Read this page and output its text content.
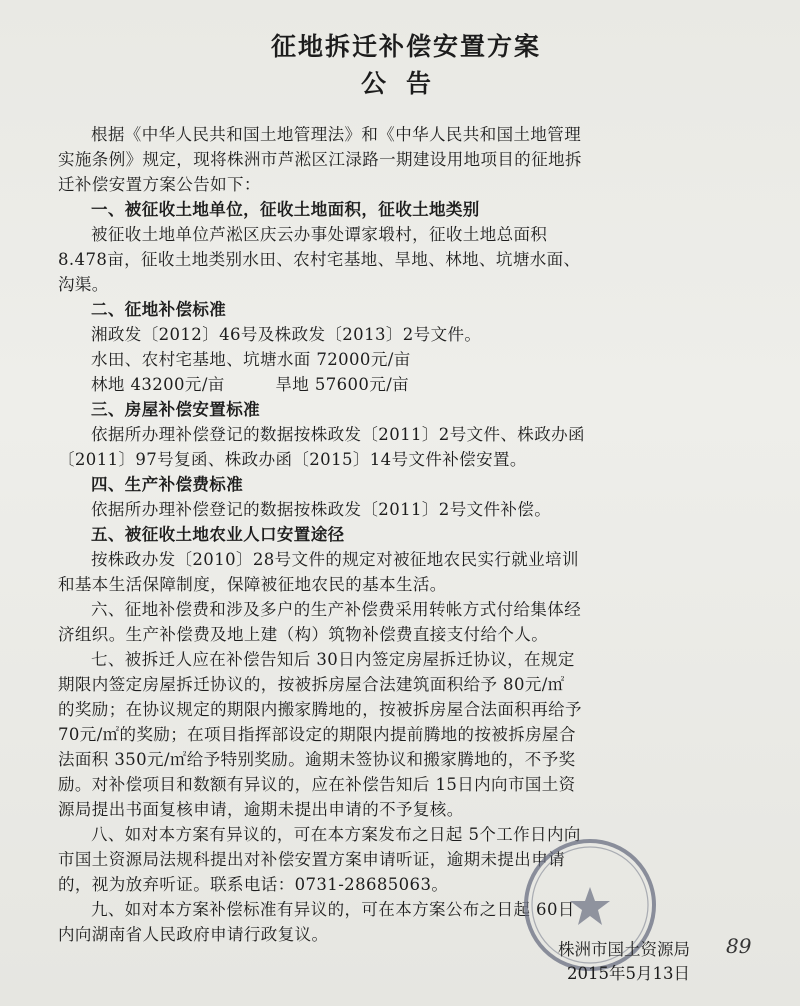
征地拆迁补偿安置方案
公告

根据《中华人民共和国土地管理法》和《中华人民共和国土地管理

实施条例》规定，现将株洲市芦淞区江渌路一期建设用地项目的征地拆

迁补偿安置方案公告如下：

一、被征收土地单位，征收土地面积，征收土地类别

被征收土地单位芦淞区庆云办事处谭家塅村，征收土地总面积

8.478亩，征收土地类别水田、农村宅基地、旱地、林地、坑塘水面、

沟渠。

二、征地补偿标准

湘政发〔2012〕46号及株政发〔2013〕2号文件。

水田、农村宅基地、坑塘水面 72000元/亩

林地 43200元/亩　　　旱地 57600元/亩

三、房屋补偿安置标准

依据所办理补偿登记的数据按株政发〔2011〕2号文件、株政办函

〔2011〕97号复函、株政办函〔2015〕14号文件补偿安置。

四、生产补偿费标准

依据所办理补偿登记的数据按株政发〔2011〕2号文件补偿。

五、被征收土地农业人口安置途径

按株政办发〔2010〕28号文件的规定对被征地农民实行就业培训

和基本生活保障制度，保障被征地农民的基本生活。

六、征地补偿费和涉及多户的生产补偿费采用转帐方式付给集体经

济组织。生产补偿费及地上建（构）筑物补偿费直接支付给个人。

七、被拆迁人应在补偿告知后 30日内签定房屋拆迁协议，在规定

期限内签定房屋拆迁协议的，按被拆房屋合法建筑面积给予 80元/㎡

的奖励；在协议规定的期限内搬家腾地的，按被拆房屋合法面积再给予

70元/㎡的奖励；在项目指挥部设定的期限内提前腾地的按被拆房屋合

法面积 350元/㎡给予特别奖励。逾期未签协议和搬家腾地的，不予奖

励。对补偿项目和数额有异议的，应在补偿告知后 15日内向市国土资

源局提出书面复核申请，逾期未提出申请的不予复核。

八、如对本方案有异议的，可在本方案发布之日起 5个工作日内向

市国土资源局法规科提出对补偿安置方案申请听证，逾期未提出申请

的，视为放弃听证。联系电话：0731-28685063。

九、如对本方案补偿标准有异议的，可在本方案公布之日起 60日

内向湖南省人民政府申请行政复议。

株洲市国土资源局
2015年5月13日
89
